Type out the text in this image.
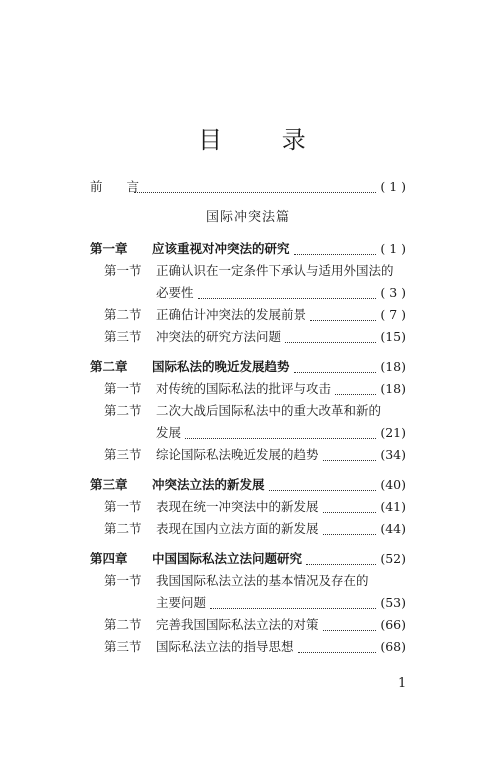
目 录
前 言	( 1 )
国际冲突法篇
第一章	应该重视对冲突法的研究	( 1 )
第一节 正确认识在一定条件下承认与适用外国法的
必要性	( 3 )
第二节	正确估计冲突法的发展前景	( 7 )
第三节	冲突法的研究方法问题	(15)
第二章	国际私法的晚近发展趋势	(18)
第一节	对传统的国际私法的批评与攻击	(18)
第二节 二次大战后国际私法中的重大改革和新的
发展	(21)
第三节	综论国际私法晚近发展的趋势	(34)
第三章	冲突法立法的新发展	(40)
第一节	表现在统一冲突法中的新发展	(41)
第二节	表现在国内立法方面的新发展	(44)
第四章	中国国际私法立法问题研究	(52)
第一节 我国国际私法立法的基本情况及存在的
主要问题	(53)
第二节	完善我国国际私法立法的对策	(66)
第三节	国际私法立法的指导思想	(68)
1
